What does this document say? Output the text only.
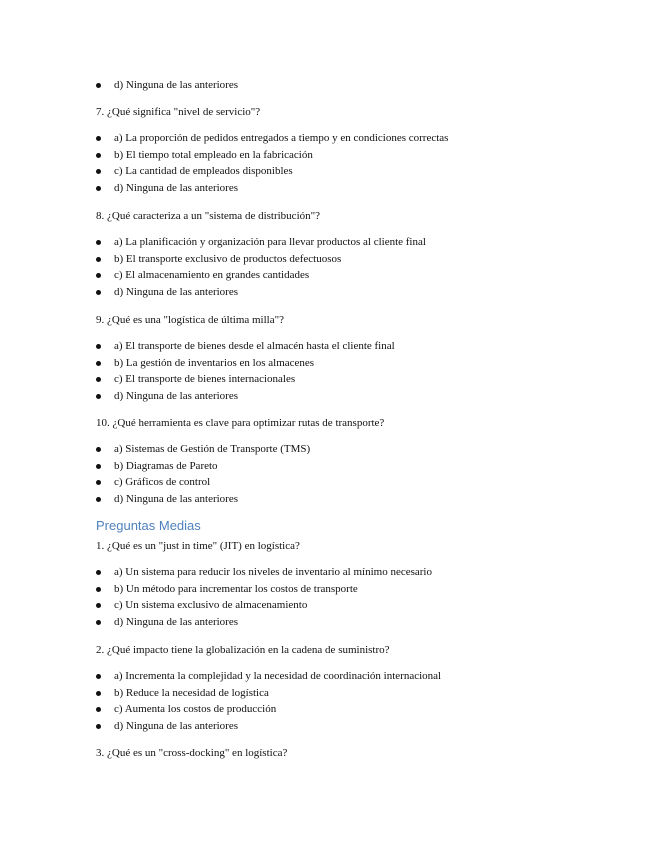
d) Ninguna de las anteriores

7. ¿Qué significa "nivel de servicio"?

a) La proporción de pedidos entregados a tiempo y en condiciones correctas
b) El tiempo total empleado en la fabricación
c) La cantidad de empleados disponibles
d) Ninguna de las anteriores

8. ¿Qué caracteriza a un "sistema de distribución"?

a) La planificación y organización para llevar productos al cliente final
b) El transporte exclusivo de productos defectuosos
c) El almacenamiento en grandes cantidades
d) Ninguna de las anteriores

9. ¿Qué es una "logística de última milla"?

a) El transporte de bienes desde el almacén hasta el cliente final
b) La gestión de inventarios en los almacenes
c) El transporte de bienes internacionales
d) Ninguna de las anteriores

10. ¿Qué herramienta es clave para optimizar rutas de transporte?

a) Sistemas de Gestión de Transporte (TMS)
b) Diagramas de Pareto
c) Gráficos de control
d) Ninguna de las anteriores
Preguntas Medias

1. ¿Qué es un "just in time" (JIT) en logística?

a) Un sistema para reducir los niveles de inventario al mínimo necesario
b) Un método para incrementar los costos de transporte
c) Un sistema exclusivo de almacenamiento
d) Ninguna de las anteriores

2. ¿Qué impacto tiene la globalización en la cadena de suministro?

a) Incrementa la complejidad y la necesidad de coordinación internacional
b) Reduce la necesidad de logística
c) Aumenta los costos de producción
d) Ninguna de las anteriores

3. ¿Qué es un "cross-docking" en logística?
